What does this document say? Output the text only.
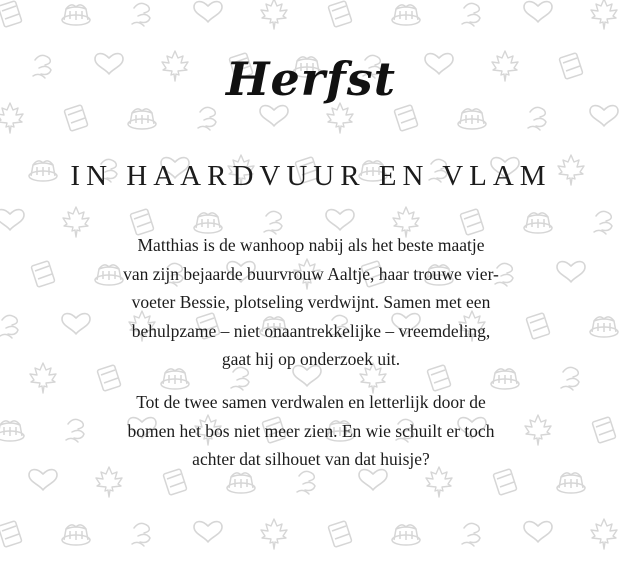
Herfst
IN HAARDVUUR EN VLAM

Matthias is de wanhoop nabij als het beste maatje
van zijn bejaarde buurvrouw Aaltje, haar trouwe vier-
voeter Bessie, plotseling verdwijnt. Samen met een
behulpzame – niet onaantrekkelijke – vreemdeling,
gaat hij op onderzoek uit.

Tot de twee samen verdwalen en letterlijk door de
bomen het bos niet meer zien. En wie schuilt er toch
achter dat silhouet van dat huisje?
